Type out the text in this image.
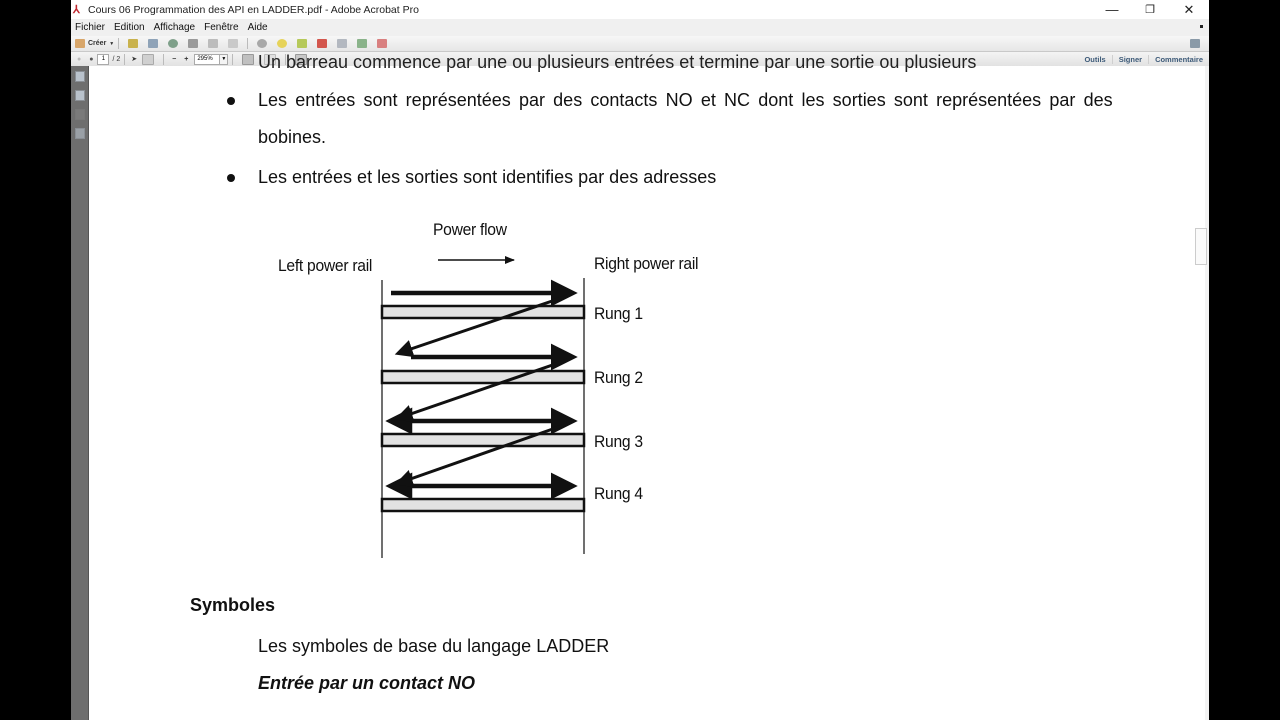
⅄ Cours 06 Programmation des API en LADDER.pdf - Adobe Acrobat Pro	—	❐	✕
Fichier Edition Affichage Fenêtre Aide
Créer ▼
● ●	1	/ 2 ➤	− +	295%	▼	Outils	Signer	Commentaire
Un barreau commence par une ou plusieurs entrées et termine par une sortie ou plusieurs
Les entrées sont représentées par des contacts NO et NC dont les sorties sont représentées par des
bobines.
Les entrées et les sorties sont identifies par des adresses
Power flow
Left power rail	Right power rail
Rung 1
Rung 2
Rung 3
Rung 4
Symboles
Les symboles de base du langage LADDER
Entrée par un contact NO
